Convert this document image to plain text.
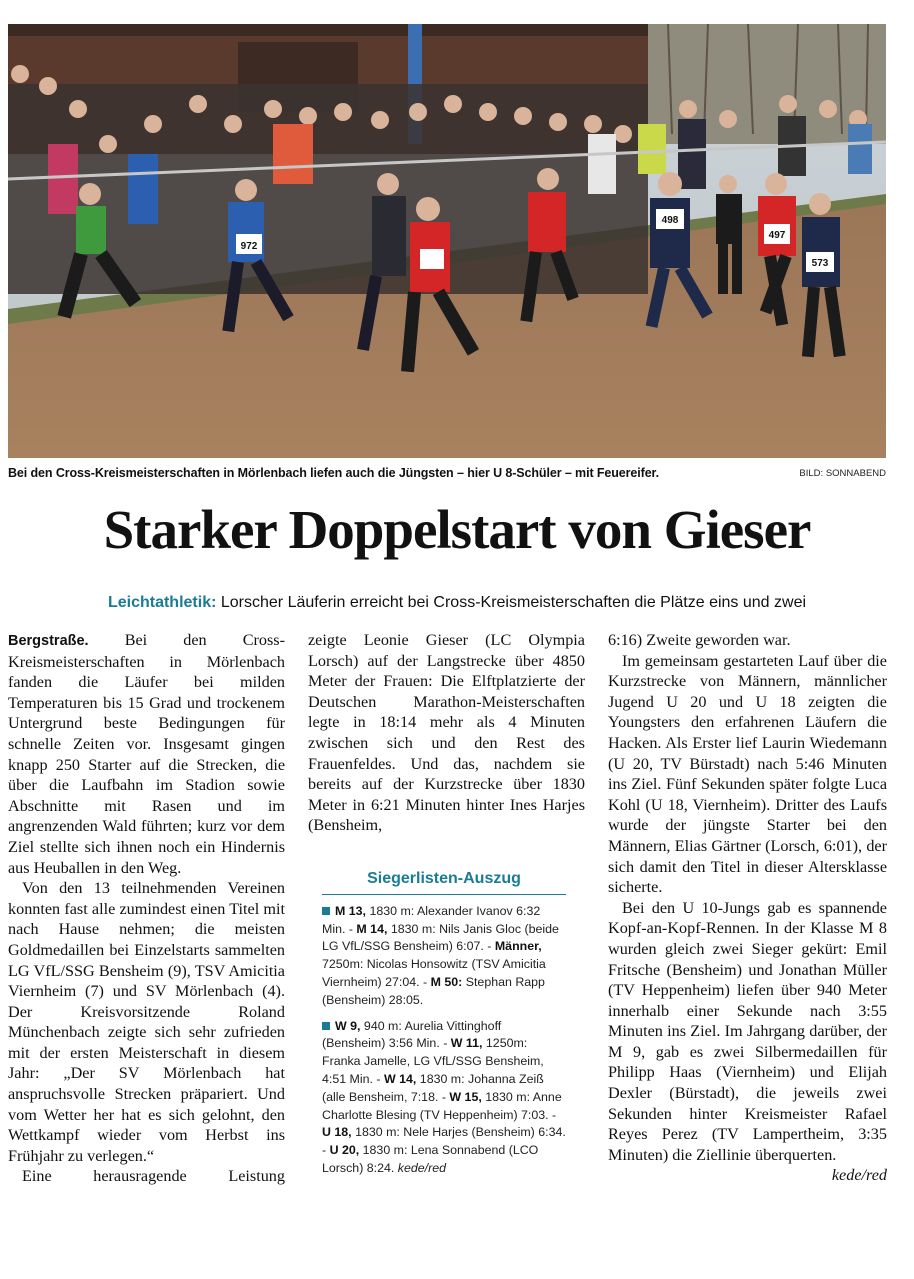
972
498
497
573
Bei den Cross-Kreismeisterschaften in Mörlenbach liefen auch die Jüngsten – hier U 8-Schüler – mit Feuereifer.	BILD: SONNABEND
Starker Doppelstart von Gieser
Leichtathletik: Lorscher Läuferin erreicht bei Cross-Kreismeisterschaften die Plätze eins und zwei

Bergstraße. Bei den Cross-Kreismeisterschaften in Mörlenbach fanden die Läufer bei milden Temperaturen bis 15 Grad und trockenem Untergrund beste Bedingungen für schnelle Zeiten vor. Insgesamt gingen knapp 250 Starter auf die Strecken, die über die Laufbahn im Stadion sowie Abschnitte mit Rasen und im angrenzenden Wald führten; kurz vor dem Ziel stellte sich ihnen noch ein Hindernis aus Heuballen in den Weg.

Von den 13 teilnehmenden Vereinen konnten fast alle zumindest einen Titel mit nach Hause nehmen; die meisten Goldmedaillen bei Einzelstarts sammelten LG VfL/SSG Bensheim (9), TSV Amicitia Viernheim (7) und SV Mörlenbach (4). Der Kreisvorsitzende Roland Münchenbach zeigte sich sehr zufrieden mit der ersten Meisterschaft in diesem Jahr: „Der SV Mörlenbach hat anspruchsvolle Strecken präpariert. Und vom Wetter her hat es sich gelohnt, den Wettkampf wieder vom Herbst ins Frühjahr zu verlegen.“

Eine herausragende Leistung

zeigte Leonie Gieser (LC Olympia Lorsch) auf der Langstrecke über 4850 Meter der Frauen: Die Elftplatzierte der Deutschen Marathon-Meisterschaften legte in 18:14 mehr als 4 Minuten zwischen sich und den Rest des Frauenfeldes. Und das, nachdem sie bereits auf der Kurzstrecke über 1830 Meter in 6:21 Minuten hinter Ines Harjes (Bensheim,

Siegerlisten-Auszug

M 13, 1830 m: Alexander Ivanov 6:32 Min. - M 14, 1830 m: Nils Janis Gloc (beide LG VfL/SSG Bensheim) 6:07. - Männer, 7250m: Nicolas Honsowitz (TSV Amicitia Viernheim) 27:04. - M 50: Stephan Rapp (Bensheim) 28:05.

W 9, 940 m: Aurelia Vittinghoff (Bensheim) 3:56 Min. - W 11, 1250m: Franka Jamelle, LG VfL/SSG Bensheim, 4:51 Min. - W 14, 1830 m: Johanna Zeiß (alle Bensheim, 7:18. - W 15, 1830 m: Anne Charlotte Blesing (TV Heppenheim) 7:03. - U 18, 1830 m: Nele Harjes (Bensheim) 6:34. - U 20, 1830 m: Lena Sonnabend (LCO Lorsch) 8:24. kede/red

6:16) Zweite geworden war.

Im gemeinsam gestarteten Lauf über die Kurzstrecke von Männern, männlicher Jugend U 20 und U 18 zeigten die Youngsters den erfahrenen Läufern die Hacken. Als Erster lief Laurin Wiedemann (U 20, TV Bürstadt) nach 5:46 Minuten ins Ziel. Fünf Sekunden später folgte Luca Kohl (U 18, Viernheim). Dritter des Laufs wurde der jüngste Starter bei den Männern, Elias Gärtner (Lorsch, 6:01), der sich damit den Titel in dieser Altersklasse sicherte.

Bei den U 10-Jungs gab es spannende Kopf-an-Kopf-Rennen. In der Klasse M 8 wurden gleich zwei Sieger gekürt: Emil Fritsche (Bensheim) und Jonathan Müller (TV Heppenheim) liefen über 940 Meter innerhalb einer Sekunde nach 3:55 Minuten ins Ziel. Im Jahrgang darüber, der M 9, gab es zwei Silbermedaillen für Philipp Haas (Viernheim) und Elijah Dexler (Bürstadt), die jeweils zwei Sekunden hinter Kreismeister Rafael Reyes Perez (TV Lampertheim, 3:35 Minuten) die Ziellinie überquerten.
kede/red
